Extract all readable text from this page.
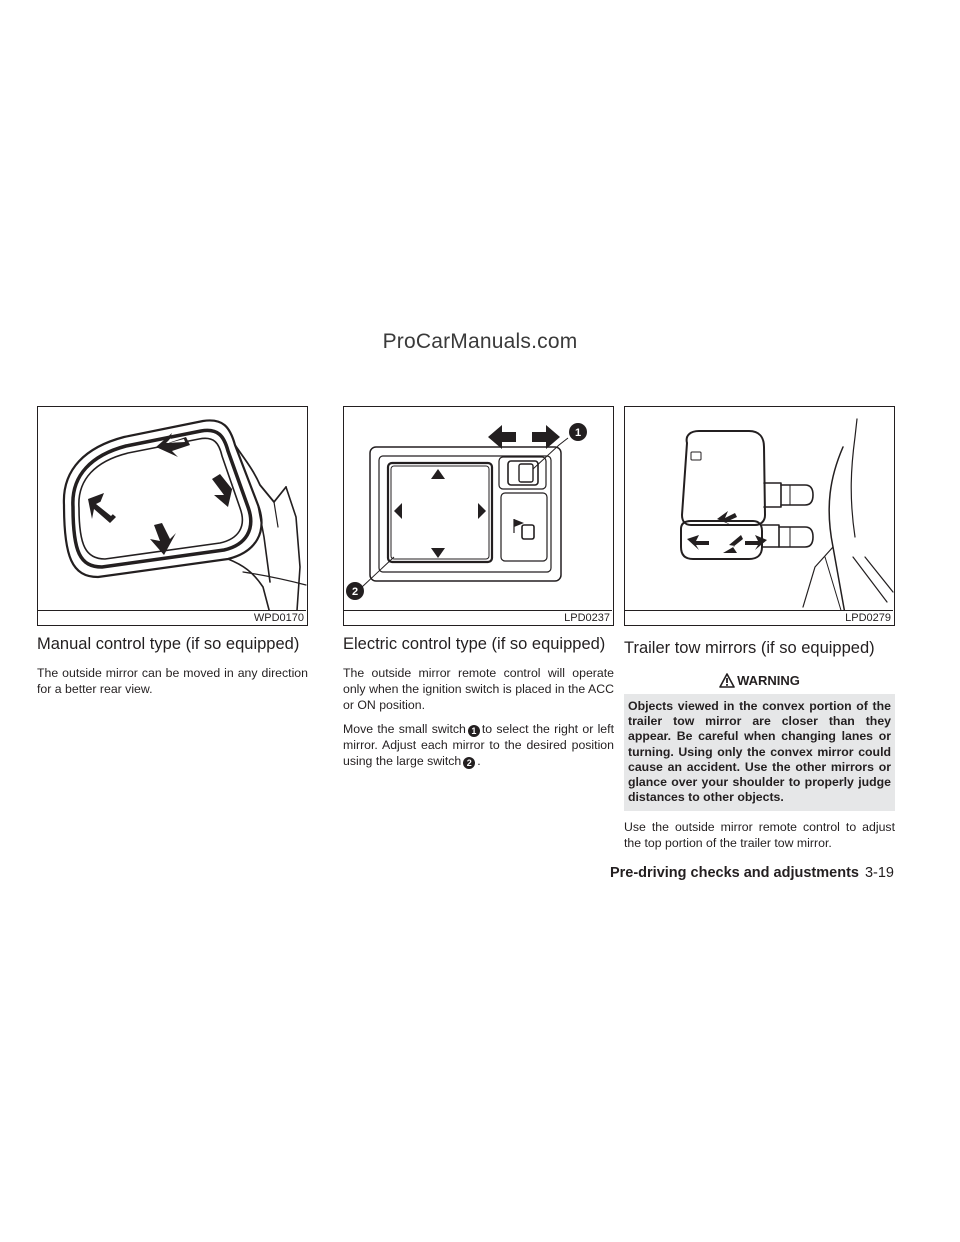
ProCarManuals.com
WPD0170
Manual control type (if so equipped)

The outside mirror can be moved in any direction for a better rear view.

1
2
LPD0237
Electric control type (if so equipped)

The outside mirror remote control will operate only when the ignition switch is placed in the ACC or ON position.

Move the small switch 1 to select the right or left mirror. Adjust each mirror to the desired position using the large switch 2 .

LPD0279
Trailer tow mirrors (if so equipped)
WARNING
Objects viewed in the convex portion of the trailer tow mirror are closer than they appear. Be careful when changing lanes or turning. Using only the convex mirror could cause an accident. Use the other mirrors or glance over your shoulder to properly judge distances to other objects.

Use the outside mirror remote control to adjust the top portion of the trailer tow mirror.

Pre-driving checks and adjustments 3-19
